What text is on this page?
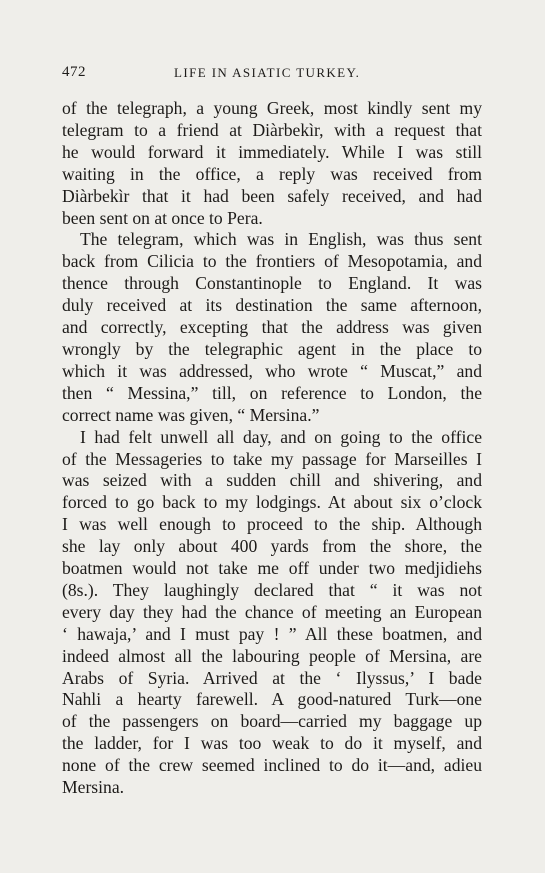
472	LIFE IN ASIATIC TURKEY.
of the telegraph, a young Greek, most kindly sent my
telegram to a friend at Diàrbekìr, with a request that
he would forward it immediately. While I was still
waiting in the office, a reply was received from
Diàrbekìr that it had been safely received, and had
been sent on at once to Pera.
The telegram, which was in English, was thus sent
back from Cilicia to the frontiers of Mesopotamia, and
thence through Constantinople to England. It was
duly received at its destination the same afternoon,
and correctly, excepting that the address was given
wrongly by the telegraphic agent in the place to
which it was addressed, who wrote “ Muscat,” and
then “ Messina,” till, on reference to London, the
correct name was given, “ Mersina.”
I had felt unwell all day, and on going to the office
of the Messageries to take my passage for Marseilles I
was seized with a sudden chill and shivering, and
forced to go back to my lodgings. At about six o’clock
I was well enough to proceed to the ship. Although
she lay only about 400 yards from the shore, the
boatmen would not take me off under two medjidiehs
(8s.). They laughingly declared that “ it was not
every day they had the chance of meeting an European
‘ hawaja,’ and I must pay ! ” All these boatmen, and
indeed almost all the labouring people of Mersina, are
Arabs of Syria. Arrived at the ‘ Ilyssus,’ I bade
Nahli a hearty farewell. A good-natured Turk—one
of the passengers on board—carried my baggage up
the ladder, for I was too weak to do it myself, and
none of the crew seemed inclined to do it—and, adieu
Mersina.
